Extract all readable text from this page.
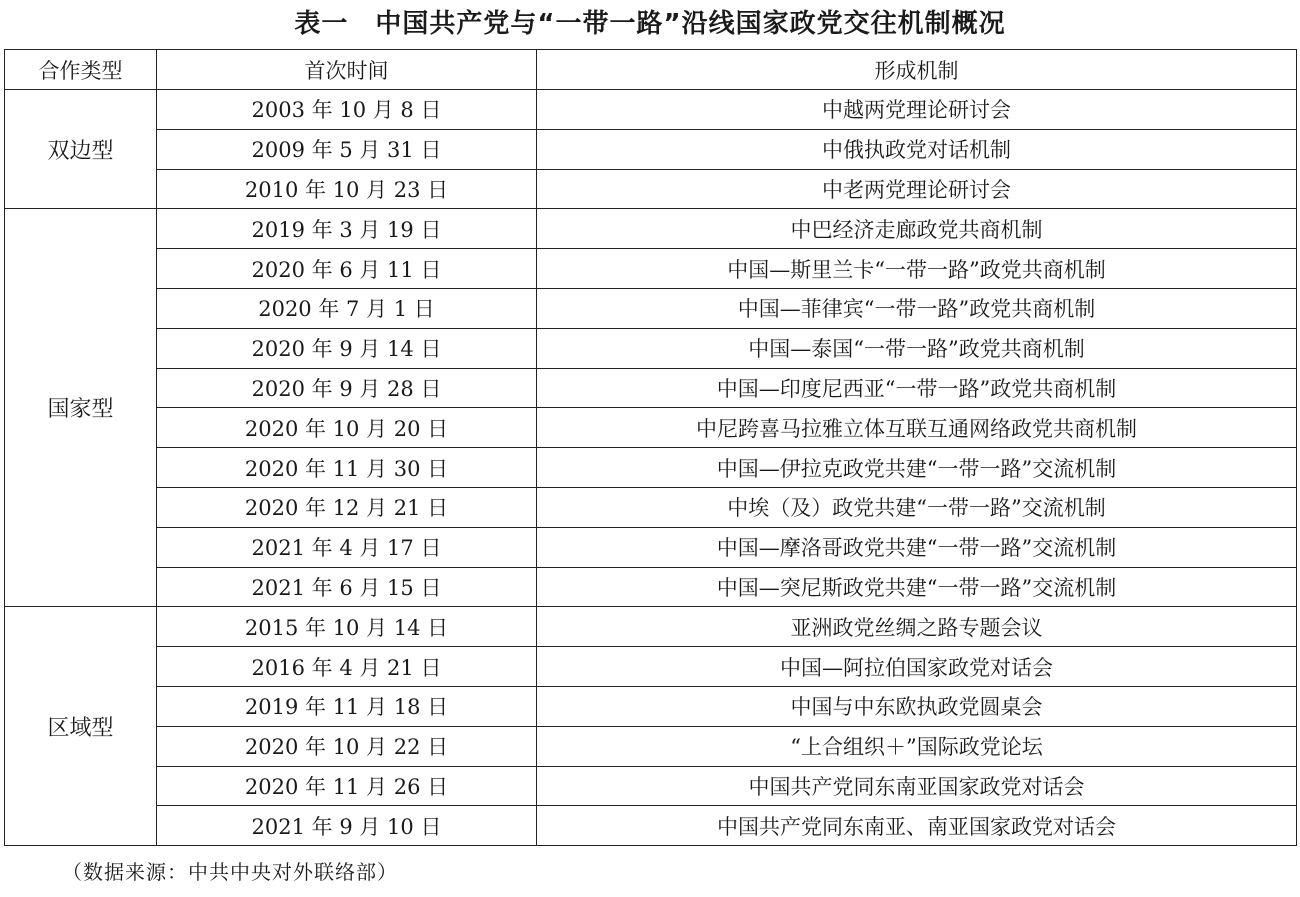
表一　中国共产党与“一带一路”沿线国家政党交往机制概况
合作类型	首次时间	形成机制
双边型	2003 年 10 月 8 日	中越两党理论研讨会
	2009 年 5 月 31 日	中俄执政党对话机制
	2010 年 10 月 23 日	中老两党理论研讨会
国家型	2019 年 3 月 19 日	中巴经济走廊政党共商机制
	2020 年 6 月 11 日	中国—斯里兰卡“一带一路”政党共商机制
	2020 年 7 月 1 日	中国—菲律宾“一带一路”政党共商机制
	2020 年 9 月 14 日	中国—泰国“一带一路”政党共商机制
	2020 年 9 月 28 日	中国—印度尼西亚“一带一路”政党共商机制
	2020 年 10 月 20 日	中尼跨喜马拉雅立体互联互通网络政党共商机制
	2020 年 11 月 30 日	中国—伊拉克政党共建“一带一路”交流机制
	2020 年 12 月 21 日	中埃（及）政党共建“一带一路”交流机制
	2021 年 4 月 17 日	中国—摩洛哥政党共建“一带一路”交流机制
	2021 年 6 月 15 日	中国—突尼斯政党共建“一带一路”交流机制
区域型	2015 年 10 月 14 日	亚洲政党丝绸之路专题会议
	2016 年 4 月 21 日	中国—阿拉伯国家政党对话会
	2019 年 11 月 18 日	中国与中东欧执政党圆桌会
	2020 年 10 月 22 日	“上合组织＋”国际政党论坛
	2020 年 11 月 26 日	中国共产党同东南亚国家政党对话会
	2021 年 9 月 10 日	中国共产党同东南亚、南亚国家政党对话会
（数据来源：中共中央对外联络部）
